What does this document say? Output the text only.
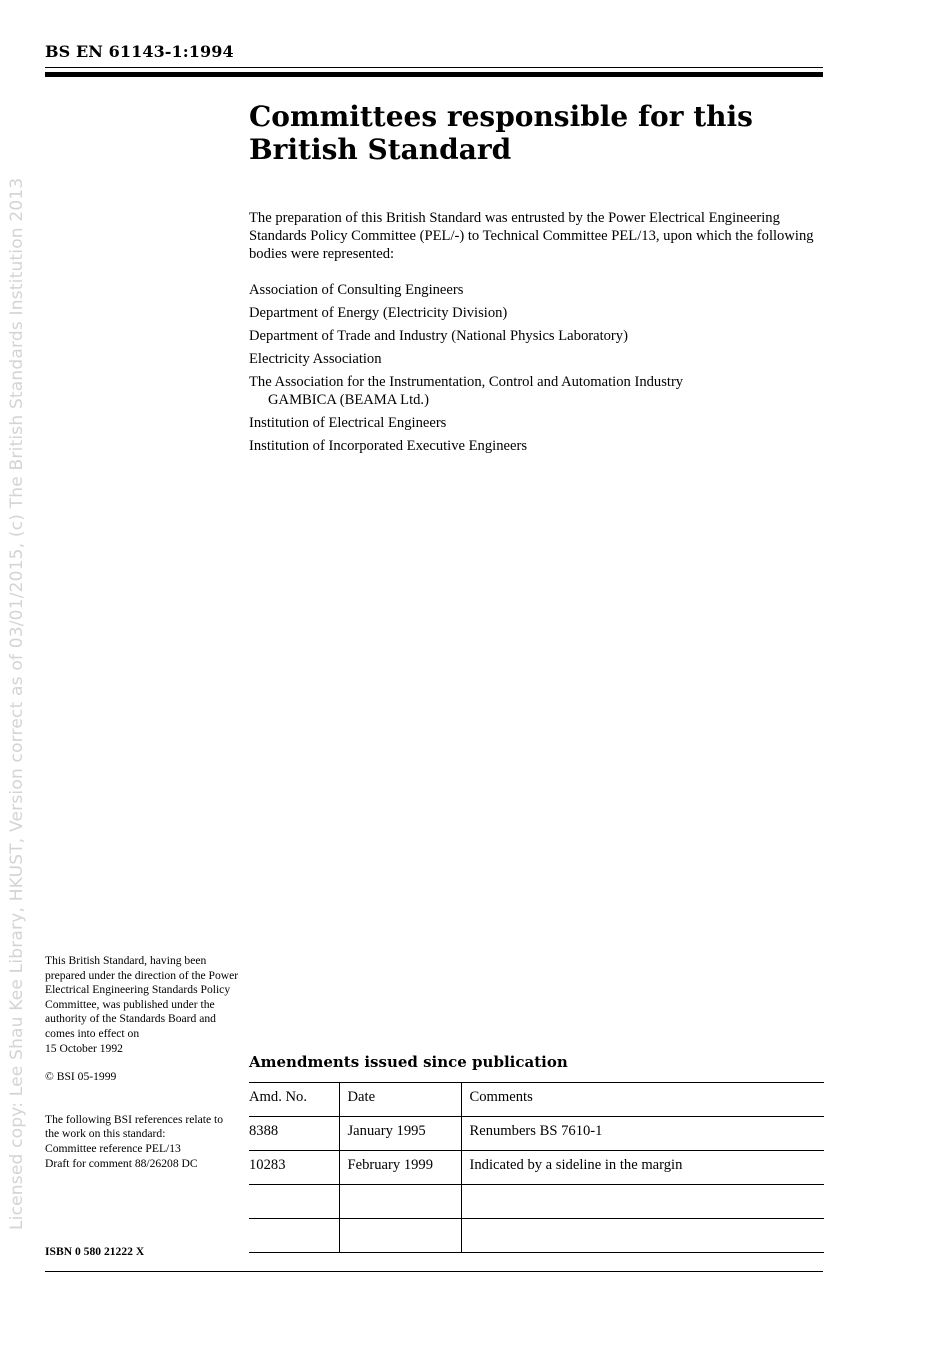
BS EN 61143-1:1994
Licensed copy: Lee Shau Kee Library, HKUST, Version correct as of 03/01/2015, (c) The British Standards Institution 2013
Committees responsible for this
British Standard
The preparation of this British Standard was entrusted by the Power Electrical Engineering Standards Policy Committee (PEL/-) to Technical Committee PEL/13, upon which the following bodies were represented:
Association of Consulting Engineers
Department of Energy (Electricity Division)
Department of Trade and Industry (National Physics Laboratory)
Electricity Association
The Association for the Instrumentation, Control and Automation Industry
GAMBICA (BEAMA Ltd.)
Institution of Electrical Engineers
Institution of Incorporated Executive Engineers

This British Standard, having been prepared under the direction of the Power Electrical Engineering Standards Policy Committee, was published under the authority of the Standards Board and comes into effect on
15 October 1992

© BSI 05-1999

The following BSI references relate to the work on this standard:
Committee reference PEL/13
Draft for comment 88/26208 DC

ISBN 0 580 21222 X
Amendments issued since publication
Amd. No.	Date	Comments
8388	January 1995	Renumbers BS 7610-1
10283	February 1999	Indicated by a sideline in the margin
